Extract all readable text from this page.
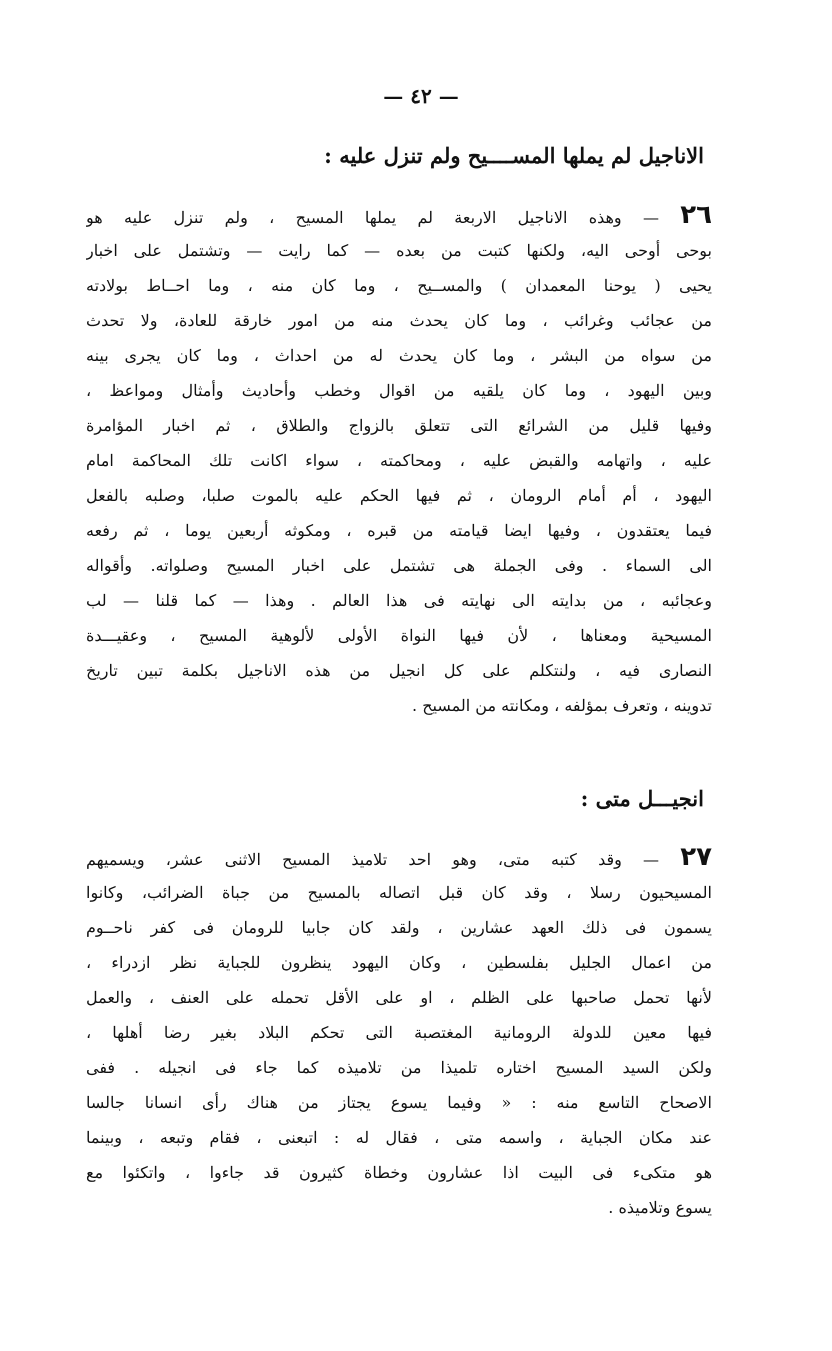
— ٤٢ —
الاناجيل لم يملها المســــيح ولم تنزل عليه :
٢٦ — وهذه الاناجيل الاربعة لم يملها المسيح ، ولم تنزل عليه هو
بوحى أوحى اليه، ولكنها كتبت من بعده — كما رايت — وتشتمل على اخبار
يحيى ( يوحنا المعمدان ) والمســيح ، وما كان منه ، وما احــاط بولادته
من عجائب وغرائب ، وما كان يحدث منه من امور خارقة للعادة، ولا تحدث
من سواه من البشر ، وما كان يحدث له من احداث ، وما كان يجرى بينه
وبين اليهود ، وما كان يلقيه من اقوال وخطب وأحاديث وأمثال ومواعظ ،
وفيها قليل من الشرائع التى تتعلق بالزواج والطلاق ، ثم اخبار المؤامرة
عليه ، واتهامه والقبض عليه ، ومحاكمته ، سواء اكانت تلك المحاكمة امام
اليهود ، أم أمام الرومان ، ثم فيها الحكم عليه بالموت صلبا، وصلبه بالفعل
فيما يعتقدون ، وفيها ايضا قيامته من قبره ، ومكوثه أربعين يوما ، ثم رفعه
الى السماء . وفى الجملة هى تشتمل على اخبار المسيح وصلواته. وأقواله
وعجائبه ، من بدايته الى نهايته فى هذا العالم . وهذا — كما قلنا — لب
المسيحية ومعناها ، لأن فيها النواة الأولى لألوهية المسيح ، وعقيـــدة
النصارى فيه ، ولنتكلم على كل انجيل من هذه الاناجيل بكلمة تبين تاريخ
تدوينه ، وتعرف بمؤلفه ، ومكانته من المسيح .
انجيـــل متى :
٢٧ — وقد كتبه متى، وهو احد تلاميذ المسيح الاثنى عشر، ويسميهم
المسيحيون رسلا ، وقد كان قبل اتصاله بالمسيح من جباة الضرائب، وكانوا
يسمون فى ذلك العهد عشارين ، ولقد كان جابيا للرومان فى كفر ناحــوم
من اعمال الجليل بفلسطين ، وكان اليهود ينظرون للجباية نظر ازدراء ،
لأنها تحمل صاحبها على الظلم ، او على الأقل تحمله على العنف ، والعمل
فيها معين للدولة الرومانية المغتصبة التى تحكم البلاد بغير رضا أهلها ،
ولكن السيد المسيح اختاره تلميذا من تلاميذه كما جاء فى انجيله . ففى
الاصحاح التاسع منه : « وفيما يسوع يجتاز من هناك رأى انسانا جالسا
عند مكان الجباية ، واسمه متى ، فقال له : اتبعنى ، فقام وتبعه ، وبينما
هو متكىء فى البيت اذا عشارون وخطاة كثيرون قد جاءوا ، واتكئوا مع
يسوع وتلاميذه .
